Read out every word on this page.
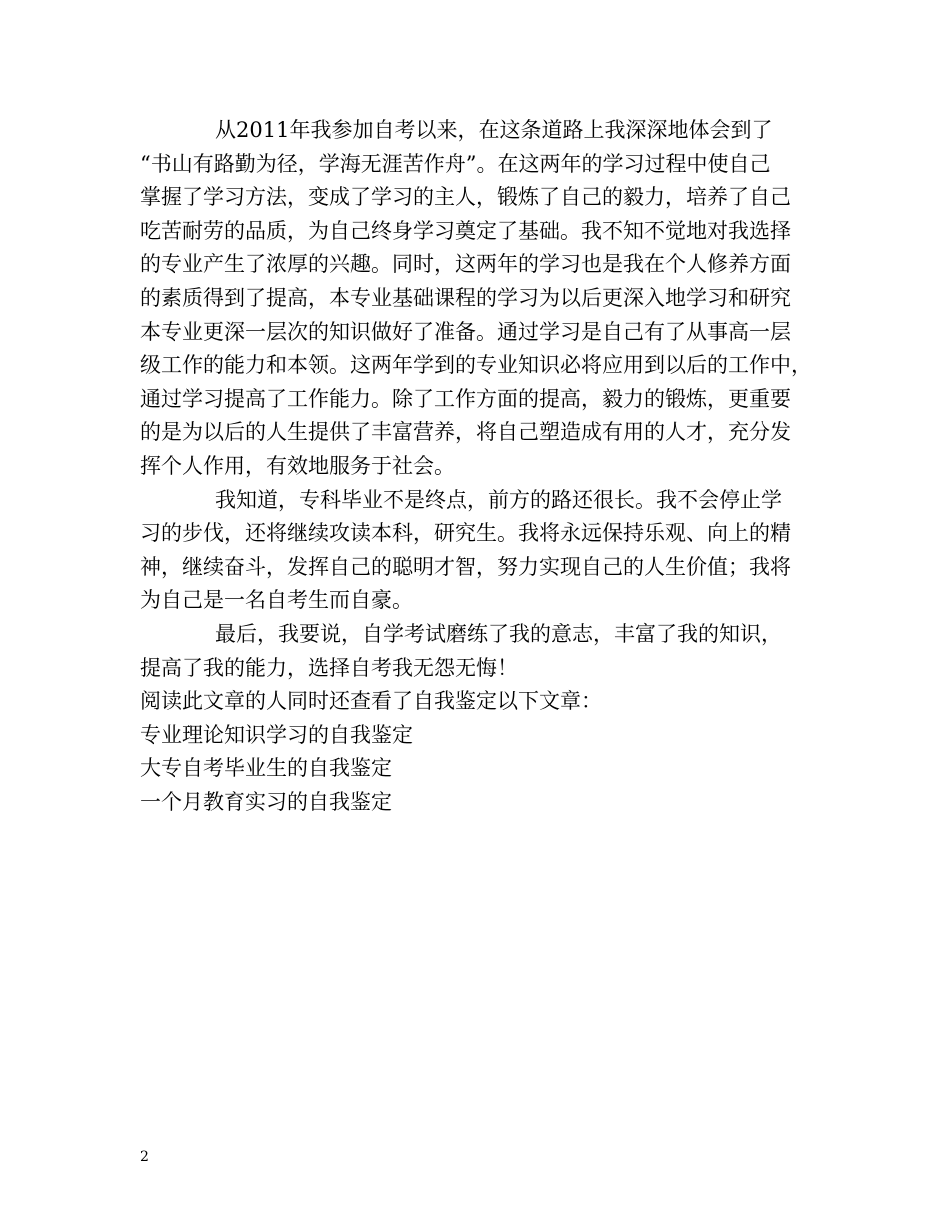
从2011年我参加自考以来，在这条道路上我深深地体会到了
“书山有路勤为径，学海无涯苦作舟”。在这两年的学习过程中使自己
掌握了学习方法，变成了学习的主人，锻炼了自己的毅力，培养了自己
吃苦耐劳的品质，为自己终身学习奠定了基础。我不知不觉地对我选择
的专业产生了浓厚的兴趣。同时，这两年的学习也是我在个人修养方面
的素质得到了提高，本专业基础课程的学习为以后更深入地学习和研究
本专业更深一层次的知识做好了准备。通过学习是自己有了从事高一层
级工作的能力和本领。这两年学到的专业知识必将应用到以后的工作中，
通过学习提高了工作能力。除了工作方面的提高，毅力的锻炼，更重要
的是为以后的人生提供了丰富营养，将自己塑造成有用的人才，充分发
挥个人作用，有效地服务于社会。
我知道，专科毕业不是终点，前方的路还很长。我不会停止学
习的步伐，还将继续攻读本科，研究生。我将永远保持乐观、向上的精
神，继续奋斗，发挥自己的聪明才智，努力实现自己的人生价值；我将
为自己是一名自考生而自豪。
最后，我要说，自学考试磨练了我的意志，丰富了我的知识，
提高了我的能力，选择自考我无怨无悔！
阅读此文章的人同时还查看了自我鉴定以下文章：
专业理论知识学习的自我鉴定
大专自考毕业生的自我鉴定
一个月教育实习的自我鉴定
2
